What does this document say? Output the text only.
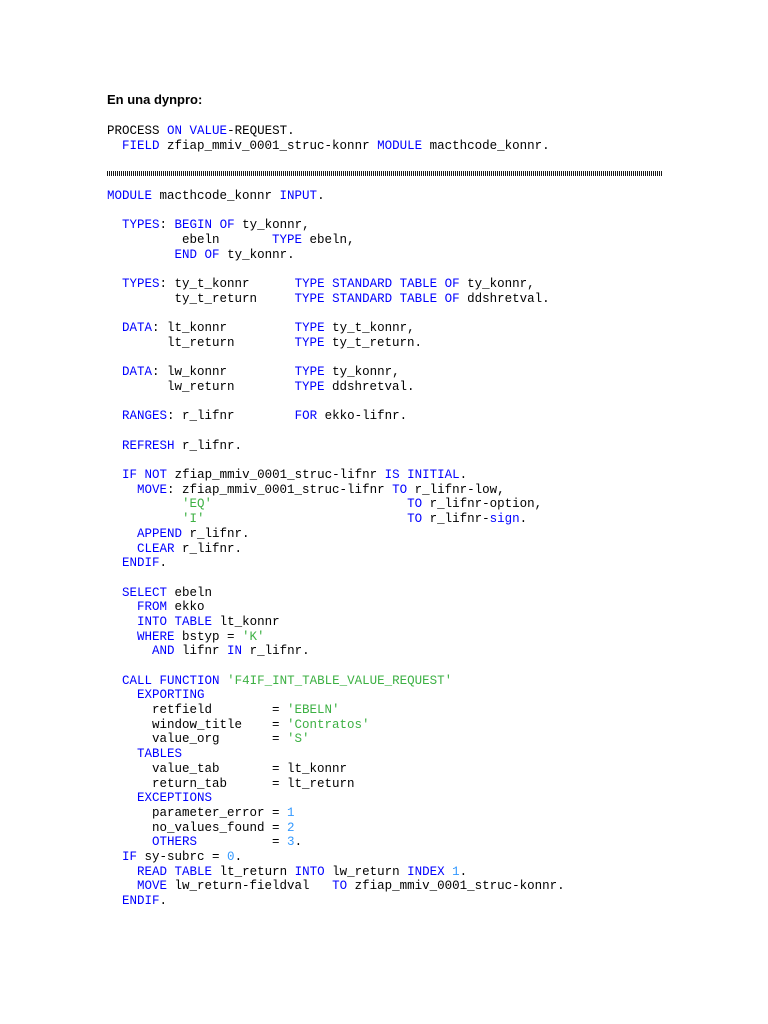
En una dynpro:
PROCESS ON VALUE-REQUEST.
FIELD zfiap_mmiv_0001_struc-konnr MODULE macthcode_konnr.
MODULE macthcode_konnr INPUT.

TYPES: BEGIN OF ty_konnr,
ebeln       TYPE ebeln,
END OF ty_konnr.

TYPES: ty_t_konnr      TYPE STANDARD TABLE OF ty_konnr,
ty_t_return     TYPE STANDARD TABLE OF ddshretval.

DATA: lt_konnr         TYPE ty_t_konnr,
lt_return        TYPE ty_t_return.

DATA: lw_konnr         TYPE ty_konnr,
lw_return        TYPE ddshretval.

RANGES: r_lifnr        FOR ekko-lifnr.

REFRESH r_lifnr.

IF NOT zfiap_mmiv_0001_struc-lifnr IS INITIAL.
MOVE: zfiap_mmiv_0001_struc-lifnr TO r_lifnr-low,
'EQ'	TO r_lifnr-option,
'I'	TO r_lifnr-sign.
APPEND r_lifnr.
CLEAR r_lifnr.
ENDIF.

SELECT ebeln
FROM ekko
INTO TABLE lt_konnr
WHERE bstyp = 'K'
AND lifnr IN r_lifnr.

CALL FUNCTION 'F4IF_INT_TABLE_VALUE_REQUEST'
EXPORTING
retfield        = 'EBELN'
window_title    = 'Contratos'
value_org       = 'S'
TABLES
value_tab       = lt_konnr
return_tab      = lt_return
EXCEPTIONS
parameter_error = 1
no_values_found = 2
OTHERS          = 3.
IF sy-subrc = 0.
READ TABLE lt_return INTO lw_return INDEX 1.
MOVE lw_return-fieldval   TO zfiap_mmiv_0001_struc-konnr.
ENDIF.
